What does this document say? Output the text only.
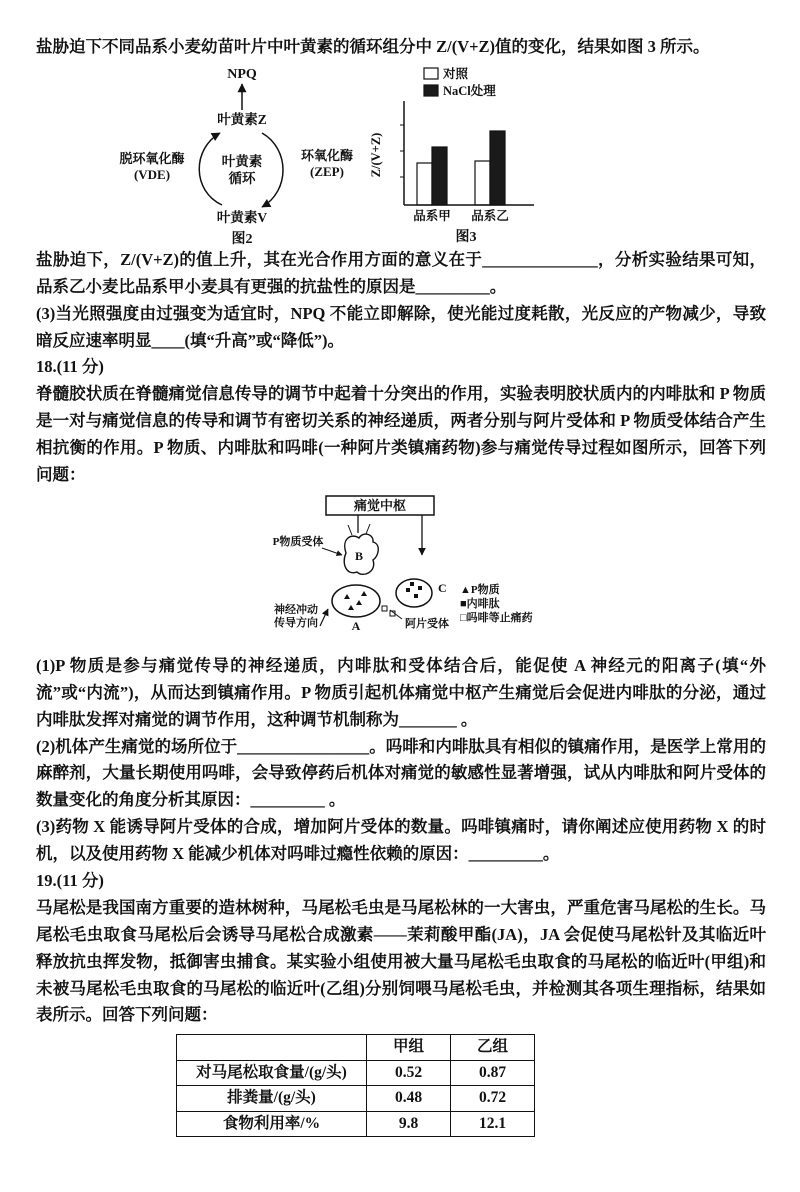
盐胁迫下不同品系小麦幼苗叶片中叶黄素的循环组分中 Z/(V+Z)值的变化，结果如图 3 所示。

NPQ
叶黄素Z
叶黄素
循环
脱环氧化酶
(VDE)
环氧化酶
(ZEP)
叶黄素V
图2
对照
NaCl处理
Z/(V+Z)
品系甲 品系乙
图3

盐胁迫下，Z/(V+Z)的值上升，其在光合作用方面的意义在于______________，分析实验结果可知，品系乙小麦比品系甲小麦具有更强的抗盐性的原因是_________。

(3)当光照强度由过强变为适宜时，NPQ 不能立即解除，使光能过度耗散，光反应的产物减少，导致暗反应速率明显____(填“升高”或“降低”)。

18.(11 分)

脊髓胶状质在脊髓痛觉信息传导的调节中起着十分突出的作用，实验表明胶状质内的内啡肽和 P 物质是一对与痛觉信息的传导和调节有密切关系的神经递质，两者分别与阿片受体和 P 物质受体结合产生相抗衡的作用。P 物质、内啡肽和吗啡(一种阿片类镇痛药物)参与痛觉传导过程如图所示，回答下列问题：

痛觉中枢
P物质受体
B
A
神经冲动
传导方向
C
阿片受体
▲P物质
■内啡肽
□吗啡等止痛药

(1)P 物质是参与痛觉传导的神经递质，内啡肽和受体结合后，能促使 A 神经元的阳离子(填“外流”或“内流”)，从而达到镇痛作用。P 物质引起机体痛觉中枢产生痛觉后会促进内啡肽的分泌，通过内啡肽发挥对痛觉的调节作用，这种调节机制称为_______ 。

(2)机体产生痛觉的场所位于________________。吗啡和内啡肽具有相似的镇痛作用，是医学上常用的麻醉剂，大量长期使用吗啡，会导致停药后机体对痛觉的敏感性显著增强，试从内啡肽和阿片受体的数量变化的角度分析其原因：_________ 。

(3)药物 X 能诱导阿片受体的合成，增加阿片受体的数量。吗啡镇痛时，请你阐述应使用药物 X 的时机，以及使用药物 X 能减少机体对吗啡过瘾性依赖的原因：_________。

19.(11 分)

马尾松是我国南方重要的造林树种，马尾松毛虫是马尾松林的一大害虫，严重危害马尾松的生长。马尾松毛虫取食马尾松后会诱导马尾松合成激素——茉莉酸甲酯(JA)，JA 会促使马尾松针及其临近叶释放抗虫挥发物，抵御害虫捕食。某实验小组使用被大量马尾松毛虫取食的马尾松的临近叶(甲组)和未被马尾松毛虫取食的马尾松的临近叶(乙组)分别饲喂马尾松毛虫，并检测其各项生理指标，结果如表所示。回答下列问题：

	甲组	乙组
对马尾松取食量/(g/头)	0.52	0.87
排粪量/(g/头)	0.48	0.72
食物利用率/%	9.8	12.1
